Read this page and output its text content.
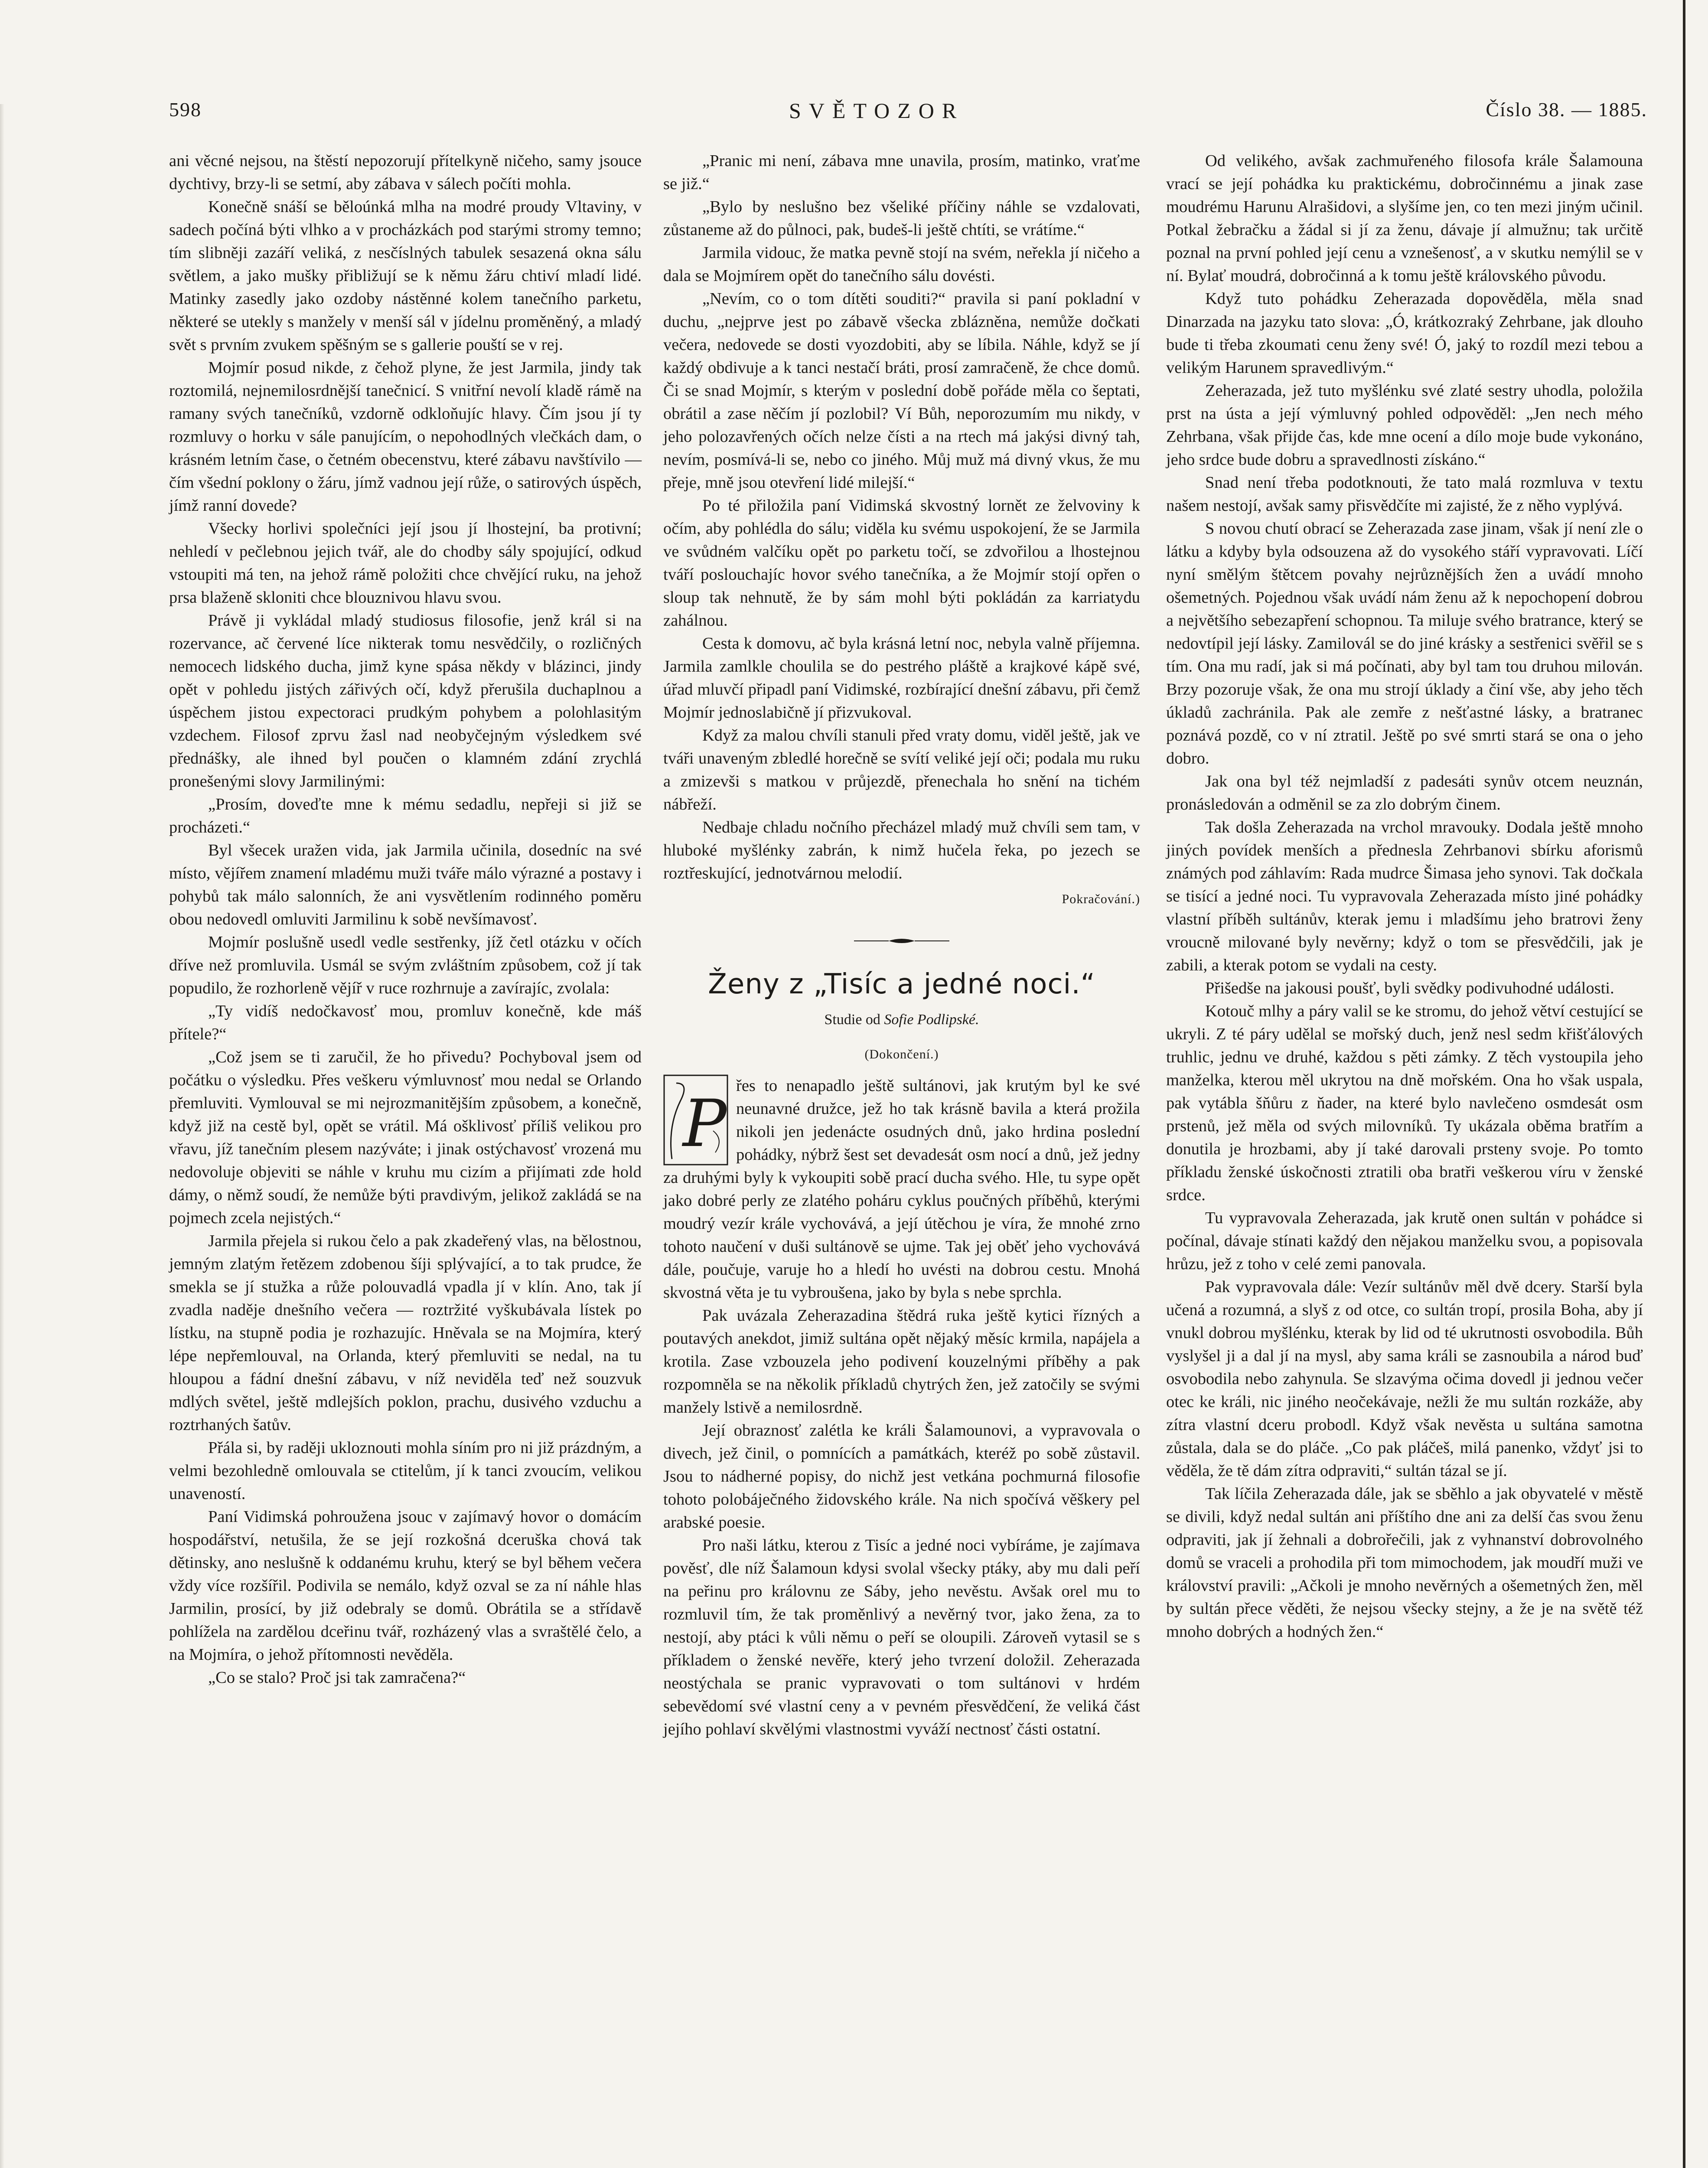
598	SVĚTOZOR	Číslo 38. — 1885.

ani věcné nejsou, na štěstí nepozorují přítelkyně ničeho, samy jsouce dychtivy, brzy-li se setmí, aby zábava v sálech počíti mohla.

Konečně snáší se běloúnká mlha na modré proudy Vltaviny, v sadech počíná býti vlhko a v procházkách pod starými stromy temno; tím slibněji zazáří veliká, z nesčíslných tabulek sesazená okna sálu světlem, a jako mušky přibližují se k němu žáru chtiví mladí lidé. Matinky zasedly jako ozdoby nástěnné kolem tanečního parketu, některé se utekly s manžely v menší sál v jídelnu proměněný, a mladý svět s prvním zvukem spěšným se s gallerie pouští se v rej.

Mojmír posud nikde, z čehož plyne, že jest Jarmila, jindy tak roztomilá, nejnemilosrdnější tanečnicí. S vnitřní nevolí kladě rámě na ramany svých tanečníků, vzdorně odkloňujíc hlavy. Čím jsou jí ty rozmluvy o horku v sále panujícím, o nepohodlných vlečkách dam, o krásném letním čase, o četném obecenstvu, které zábavu navštívilo — čím všední poklony o žáru, jímž vadnou její růže, o satirových úspěch, jímž ranní dovede?

Všecky horlivi společníci její jsou jí lhostejní, ba protivní; nehledí v pečlebnou jejich tvář, ale do chodby sály spojující, odkud vstoupiti má ten, na jehož rámě položiti chce chvějící ruku, na jehož prsa blaženě skloniti chce blouznivou hlavu svou.

Právě ji vykládal mladý studiosus filosofie, jenž král si na rozervance, ač červené líce nikterak tomu nesvědčily, o rozličných nemocech lidského ducha, jimž kyne spása někdy v blázinci, jindy opět v pohledu jistých zářivých očí, když přerušila duchaplnou a úspěchem jistou expectoraci prudkým pohybem a polohlasitým vzdechem. Filosof zprvu žasl nad neobyčejným výsledkem své přednášky, ale ihned byl poučen o klamném zdání zrychlá pronešenými slovy Jarmilinými:

„Prosím, doveďte mne k mému sedadlu, nepřeji si již se procházeti.“

Byl všecek uražen vida, jak Jarmila učinila, dosedníc na své místo, vějířem znamení mladému muži tváře málo výrazné a postavy i pohybů tak málo salonních, že ani vysvětlením rodinného poměru obou nedovedl omluviti Jarmilinu k sobě nevšímavosť.

Mojmír poslušně usedl vedle sestřenky, jíž četl otázku v očích dříve než promluvila. Usmál se svým zvláštním způsobem, což jí tak popudilo, že rozhorleně vějíř v ruce rozhrnuje a zavírajíc, zvolala:

„Ty vidíš nedočkavosť mou, promluv konečně, kde máš přítele?“

„Což jsem se ti zaručil, že ho přivedu? Pochyboval jsem od počátku o výsledku. Přes veškeru výmluvnosť mou nedal se Orlando přemluviti. Vymlouval se mi nejrozmanitějším způsobem, a konečně, když již na cestě byl, opět se vrátil. Má ošklivosť příliš velikou pro vřavu, jíž tanečním plesem nazýváte; i jinak ostýchavosť vrozená mu nedovoluje objeviti se náhle v kruhu mu cizím a přijímati zde hold dámy, o němž soudí, že nemůže býti pravdivým, jelikož zakládá se na pojmech zcela nejistých.“

Jarmila přejela si rukou čelo a pak zkadeřený vlas, na bělostnou, jemným zlatým řetězem zdobenou šíji splývající, a to tak prudce, že smekla se jí stužka a růže polouvadlá vpadla jí v klín. Ano, tak jí zvadla naděje dnešního večera — roztržité vyškubávala lístek po lístku, na stupně podia je rozhazujíc. Hněvala se na Mojmíra, který lépe nepřemlouval, na Orlanda, který přemluviti se nedal, na tu hloupou a fádní dnešní zábavu, v níž neviděla teď než souzvuk mdlých světel, ještě mdlejších poklon, prachu, dusivého vzduchu a roztrhaných šatův.

Přála si, by raději ukloznouti mohla síním pro ni již prázdným, a velmi bezohledně omlouvala se ctitelům, jí k tanci zvoucím, velikou unaveností.

Paní Vidimská pohroužena jsouc v zajímavý hovor o domácím hospodářství, netušila, že se její rozkošná dceruška chová tak dětinsky, ano neslušně k oddanému kruhu, který se byl během večera vždy více rozšířil. Podivila se nemálo, když ozval se za ní náhle hlas Jarmilin, prosící, by již odebraly se domů. Obrátila se a střídavě pohlížela na zardělou dceřinu tvář, rozházený vlas a svraštělé čelo, a na Mojmíra, o jehož přítomnosti nevěděla.

„Co se stalo? Proč jsi tak zamračena?“

„Pranic mi není, zábava mne unavila, prosím, matinko, vraťme se již.“

„Bylo by neslušno bez všeliké příčiny náhle se vzdalovati, zůstaneme až do půlnoci, pak, budeš-li ještě chtíti, se vrátíme.“

Jarmila vidouc, že matka pevně stojí na svém, neřekla jí ničeho a dala se Mojmírem opět do tanečního sálu dovésti.

„Nevím, co o tom dítěti souditi?“ pravila si paní pokladní v duchu, „nejprve jest po zábavě všecka zblázněna, nemůže dočkati večera, nedovede se dosti vyozdobiti, aby se líbila. Náhle, když se jí každý obdivuje a k tanci nestačí bráti, prosí zamračeně, že chce domů. Či se snad Mojmír, s kterým v poslední době pořáde měla co šeptati, obrátil a zase něčím jí pozlobil? Ví Bůh, neporozumím mu nikdy, v jeho polozavřených očích nelze čísti a na rtech má jakýsi divný tah, nevím, posmívá-li se, nebo co jiného. Můj muž má divný vkus, že mu přeje, mně jsou otevření lidé milejší.“

Po té přiložila paní Vidimská skvostný lornět ze želvoviny k očím, aby pohlédla do sálu; viděla ku svému uspokojení, že se Jarmila ve svůdném valčíku opět po parketu točí, se zdvořilou a lhostejnou tváří poslouchajíc hovor svého tanečníka, a že Mojmír stojí opřen o sloup tak nehnutě, že by sám mohl býti pokládán za karriatydu zahálnou.

Cesta k domovu, ač byla krásná letní noc, nebyla valně příjemna. Jarmila zamlkle choulila se do pestrého pláště a krajkové kápě své, úřad mluvčí připadl paní Vidimské, rozbírající dnešní zábavu, při čemž Mojmír jednoslabičně jí přizvukoval.

Když za malou chvíli stanuli před vraty domu, viděl ještě, jak ve tváři unaveným zbledlé horečně se svítí veliké její oči; podala mu ruku a zmizevši s matkou v průjezdě, přenechala ho snění na tichém nábřeží.

Nedbaje chladu nočního přecházel mladý muž chvíli sem tam, v hluboké myšlénky zabrán, k nimž hučela řeka, po jezech se roztřeskující, jednotvárnou melodií.

Pokračování.)
Ženy z „Tisíc a jedné noci.“
Studie od Sofie Podlipské.
(Dokončení.)
P

řes to nenapadlo ještě sultánovi, jak krutým byl ke své neunavné družce, jež ho tak krásně bavila a která prožila nikoli jen jedenácte osudných dnů, jako hrdina poslední pohádky, nýbrž šest set devadesát osm nocí a dnů, jež jedny za druhými byly k vykoupiti sobě prací ducha svého. Hle, tu sype opět jako dobré perly ze zlatého poháru cyklus poučných příběhů, kterými moudrý vezír krále vychovává, a její útěchou je víra, že mnohé zrno tohoto naučení v duši sultánově se ujme. Tak jej oběť jeho vychovává dále, poučuje, varuje ho a hledí ho uvésti na dobrou cestu. Mnohá skvostná věta je tu vybroušena, jako by byla s nebe sprchla.

Pak uvázala Zeherazadina štědrá ruka ještě kytici řízných a poutavých anekdot, jimiž sultána opět nějaký měsíc krmila, napájela a krotila. Zase vzbouzela jeho podivení kouzelnými příběhy a pak rozpomněla se na několik příkladů chytrých žen, jež zatočily se svými manžely lstivě a nemilosrdně.

Její obraznosť zalétla ke králi Šalamounovi, a vypravovala o divech, jež činil, o pomnících a památkách, kteréž po sobě zůstavil. Jsou to nádherné popisy, do nichž jest vetkána pochmurná filosofie tohoto polobáječného židovského krále. Na nich spočívá věškery pel arabské poesie.

Pro naši látku, kterou z Tisíc a jedné noci vybíráme, je zajímava pověsť, dle níž Šalamoun kdysi svolal všecky ptáky, aby mu dali peří na peřinu pro královnu ze Sáby, jeho nevěstu. Avšak orel mu to rozmluvil tím, že tak proměnlivý a nevěrný tvor, jako žena, za to nestojí, aby ptáci k vůli němu o peří se oloupili. Zároveň vytasil se s příkladem o ženské nevěře, který jeho tvrzení doložil. Zeherazada neostýchala se pranic vypravovati o tom sultánovi v hrdém sebevědomí své vlastní ceny a v pevném přesvědčení, že veliká část jejího pohlaví skvělými vlastnostmi vyváží nectnosť části ostatní.

Od velikého, avšak zachmuřeného filosofa krále Šalamouna vrací se její pohádka ku praktickému, dobročinnému a jinak zase moudrému Harunu Alrašidovi, a slyšíme jen, co ten mezi jiným učinil. Potkal žebračku a žádal si jí za ženu, dávaje jí almužnu; tak určitě poznal na první pohled její cenu a vznešenosť, a v skutku nemýlil se v ní. Bylať moudrá, dobročinná a k tomu ještě královského původu.

Když tuto pohádku Zeherazada dopověděla, měla snad Dinarzada na jazyku tato slova: „Ó, krátkozraký Zehrbane, jak dlouho bude ti třeba zkoumati cenu ženy své! Ó, jaký to rozdíl mezi tebou a velikým Harunem spravedlivým.“

Zeherazada, jež tuto myšlénku své zlaté sestry uhodla, položila prst na ústa a její výmluvný pohled odpověděl: „Jen nech mého Zehrbana, však přijde čas, kde mne ocení a dílo moje bude vykonáno, jeho srdce bude dobru a spravedlnosti získáno.“

Snad není třeba podotknouti, že tato malá rozmluva v textu našem nestojí, avšak samy přisvědčíte mi zajisté, že z něho vyplývá.

S novou chutí obrací se Zeherazada zase jinam, však jí není zle o látku a kdyby byla odsouzena až do vysokého stáří vypravovati. Líčí nyní smělým štětcem povahy nejrůznějších žen a uvádí mnoho ošemetných. Pojednou však uvádí nám ženu až k nepochopení dobrou a největšího sebezapření schopnou. Ta miluje svého bratrance, který se nedovtípil její lásky. Zamilovál se do jiné krásky a sestřenici svěřil se s tím. Ona mu radí, jak si má počínati, aby byl tam tou druhou milován. Brzy pozoruje však, že ona mu strojí úklady a činí vše, aby jeho těch úkladů zachránila. Pak ale zemře z nešťastné lásky, a bratranec poznává pozdě, co v ní ztratil. Ještě po své smrti stará se ona o jeho dobro.

Jak ona byl též nejmladší z padesáti synův otcem neuznán, pronásledován a odměnil se za zlo dobrým činem.

Tak došla Zeherazada na vrchol mravouky. Dodala ještě mnoho jiných povídek menších a přednesla Zehrbanovi sbírku aforismů známých pod záhlavím: Rada mudrce Šimasa jeho synovi. Tak dočkala se tisící a jedné noci. Tu vypravovala Zeherazada místo jiné pohádky vlastní příběh sultánův, kterak jemu i mladšímu jeho bratrovi ženy vroucně milované byly nevěrny; když o tom se přesvědčili, jak je zabili, a kterak potom se vydali na cesty.

Přišedše na jakousi poušť, byli svědky podivuhodné události.

Kotouč mlhy a páry valil se ke stromu, do jehož větví cestující se ukryli. Z té páry udělal se mořský duch, jenž nesl sedm křišťálových truhlic, jednu ve druhé, každou s pěti zámky. Z těch vystoupila jeho manželka, kterou měl ukrytou na dně mořském. Ona ho však uspala, pak vytábla šňůru z ňader, na které bylo navlečeno osmdesát osm prstenů, jež měla od svých milovníků. Ty ukázala oběma bratřím a donutila je hrozbami, aby jí také darovali prsteny svoje. Po tomto příkladu ženské úskočnosti ztratili oba bratři veškerou víru v ženské srdce.

Tu vypravovala Zeherazada, jak krutě onen sultán v pohádce si počínal, dávaje stínati každý den nějakou manželku svou, a popisovala hrůzu, jež z toho v celé zemi panovala.

Pak vypravovala dále: Vezír sultánův měl dvě dcery. Starší byla učená a rozumná, a slyš z od otce, co sultán tropí, prosila Boha, aby jí vnukl dobrou myšlénku, kterak by lid od té ukrutnosti osvobodila. Bůh vyslyšel ji a dal jí na mysl, aby sama králi se zasnoubila a národ buď osvobodila nebo zahynula. Se slzavýma očima dovedl ji jednou večer otec ke králi, nic jiného neočekávaje, nežli že mu sultán rozkáže, aby zítra vlastní dceru probodl. Když však nevěsta u sultána samotna zůstala, dala se do pláče. „Co pak pláčeš, milá panenko, vždyť jsi to věděla, že tě dám zítra odpraviti,“ sultán tázal se jí.

Tak líčila Zeherazada dále, jak se sběhlo a jak obyvatelé v městě se divili, když nedal sultán ani příštího dne ani za delší čas svou ženu odpraviti, jak jí žehnali a dobrořečili, jak z vyhnanství dobrovolného domů se vraceli a prohodila při tom mimochodem, jak moudří muži ve království pravili: „Ačkoli je mnoho nevěrných a ošemetných žen, měl by sultán přece věděti, že nejsou všecky stejny, a že je na světě též mnoho dobrých a hodných žen.“
